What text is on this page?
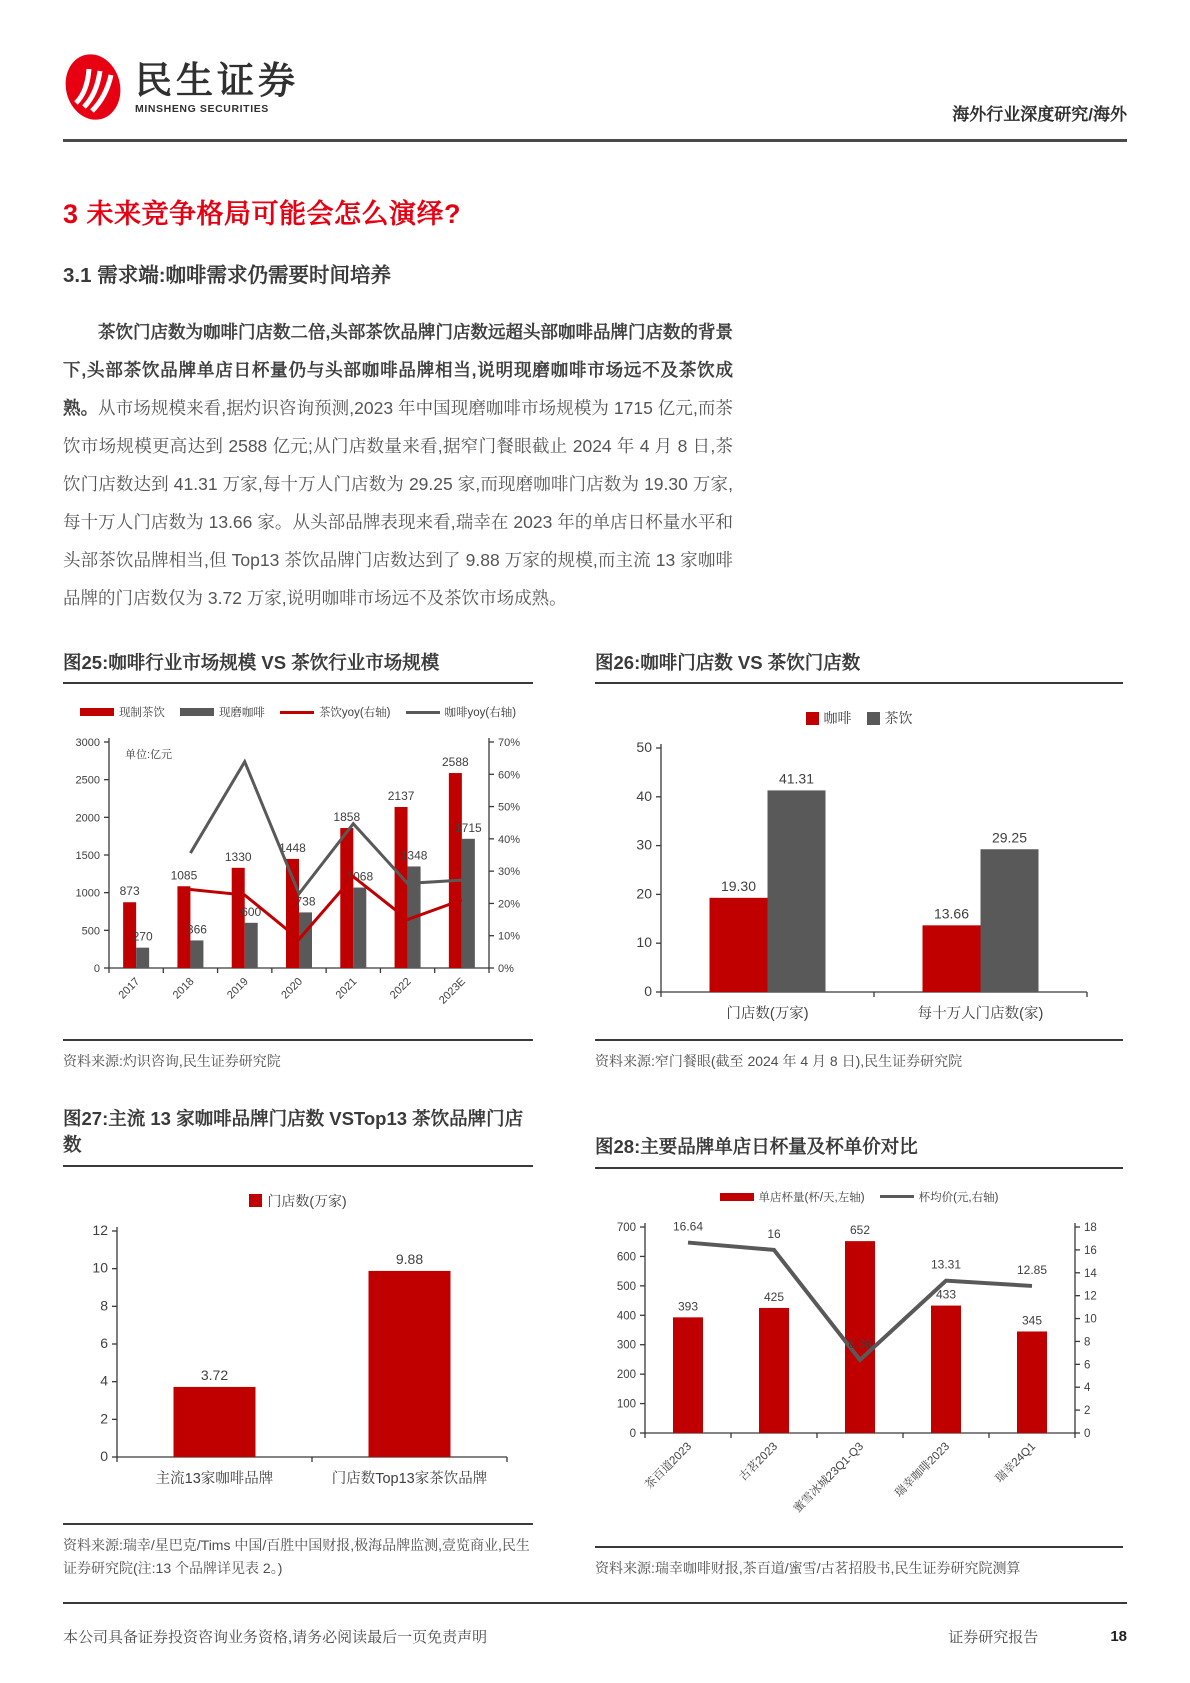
民生证券
MINSHENG SECURITIES	海外行业深度研究/海外
3 未来竞争格局可能会怎么演绎?
3.1 需求端:咖啡需求仍需要时间培养

茶饮门店数为咖啡门店数二倍,头部茶饮品牌门店数远超头部咖啡品牌门店数的背景下,头部茶饮品牌单店日杯量仍与头部咖啡品牌相当,说明现磨咖啡市场远不及茶饮成熟。从市场规模来看,据灼识咨询预测,2023 年中国现磨咖啡市场规模为 1715 亿元,而茶饮市场规模更高达到 2588 亿元;从门店数量来看,据窄门餐眼截止 2024 年 4 月 8 日,茶饮门店数达到 41.31 万家,每十万人门店数为 29.25 家,而现磨咖啡门店数为 19.30 万家,每十万人门店数为 13.66 家。从头部品牌表现来看,瑞幸在 2023 年的单店日杯量水平和头部茶饮品牌相当,但 Top13 茶饮品牌门店数达到了 9.88 万家的规模,而主流 13 家咖啡品牌的门店数仅为 3.72 万家,说明咖啡市场远不及茶饮市场成熟。

图25:咖啡行业市场规模 VS 茶饮行业市场规模
现制茶饮	现磨咖啡	茶饮yoy(右轴)	咖啡yoy(右轴)
0
500
1000
1500
2000
2500
3000
0%
10%
20%
30%
40%
50%
60%
70%
2017	2018	2019	2020	2021	2022 2023E
873
1085
1330
1448
1858
2137
2588
270
366
600
738
1068
1348
1715
单位:亿元
资料来源:灼识咨询,民生证券研究院
图26:咖啡门店数 VS 茶饮门店数
咖啡 茶饮
0
10
20
30
40
50
门店数(万家)	每十万人门店数(家)
19.30
13.66
41.31
29.25
资料来源:窄门餐眼(截至 2024 年 4 月 8 日),民生证券研究院
图27:主流 13 家咖啡品牌门店数 VSTop13 茶饮品牌门店数
门店数(万家)
0
2
4
6
8
10
12
主流13家咖啡品牌	门店数Top13家茶饮品牌
3.72
9.88
资料来源:瑞幸/星巴克/Tims 中国/百胜中国财报,极海品牌监测,壹览商业,民生证券研究院(注:13 个品牌详见表 2。)
图28:主要品牌单店日杯量及杯单价对比
单店杯量(杯/天,左轴)	杯均价(元,右轴)
0
100
200
300
400
500
600
700
0
2
4
6
8
10
12
14
16
18
茶百道2023	古茗2023 蜜雪冰城23Q1-Q3 瑞幸咖啡2023	瑞幸24Q1
393
425
652
433
345
16.64
16
6.38
13.31	12.85
资料来源:瑞幸咖啡财报,茶百道/蜜雪/古茗招股书,民生证券研究院测算
本公司具备证券投资咨询业务资格,请务必阅读最后一页免责声明	证券研究报告	18
